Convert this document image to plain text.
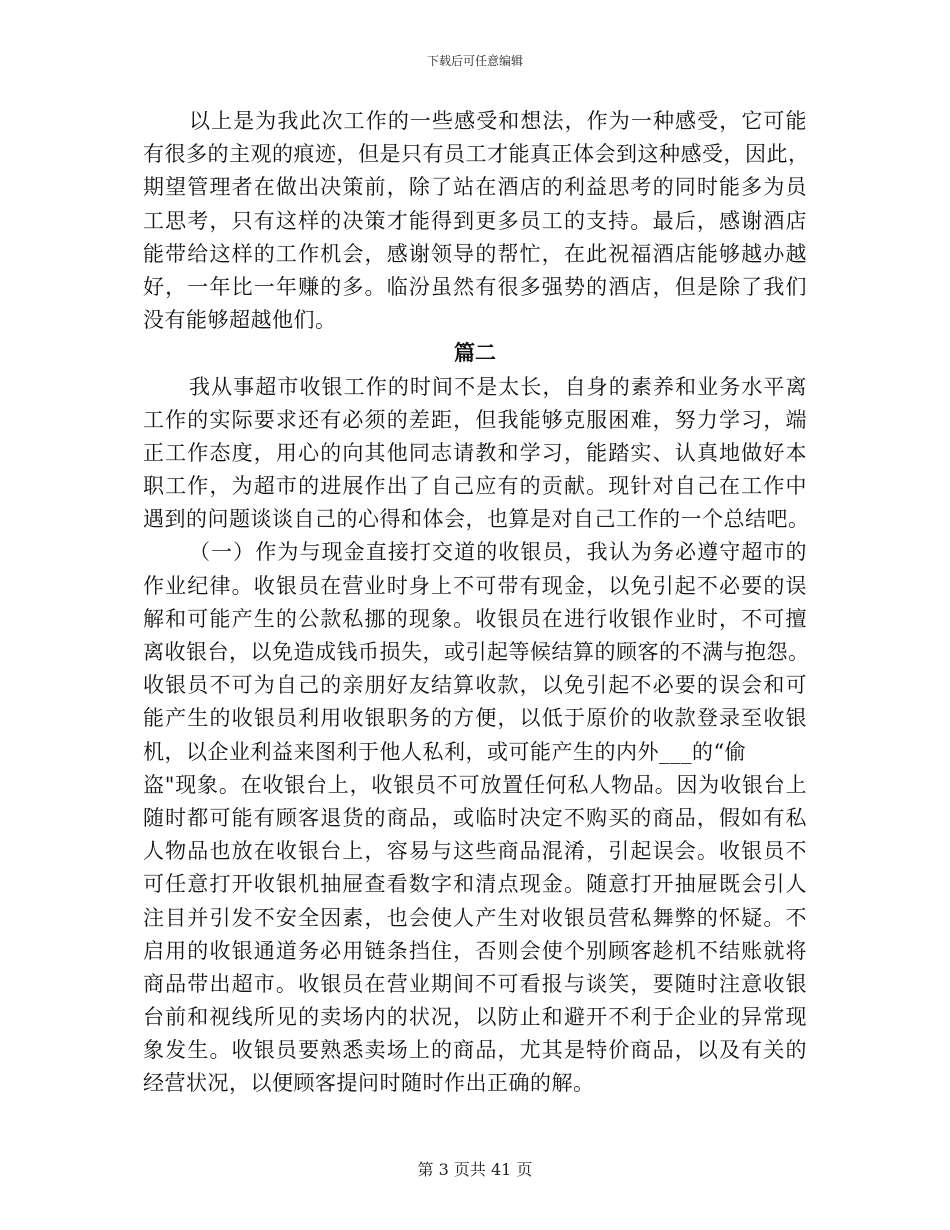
下载后可任意编辑
以上是为我此次工作的一些感受和想法，作为一种感受，它可能
有很多的主观的痕迹，但是只有员工才能真正体会到这种感受，因此，
期望管理者在做出决策前，除了站在酒店的利益思考的同时能多为员
工思考，只有这样的决策才能得到更多员工的支持。最后，感谢酒店
能带给这样的工作机会，感谢领导的帮忙，在此祝福酒店能够越办越
好，一年比一年赚的多。临汾虽然有很多强势的酒店，但是除了我们
没有能够超越他们。
篇二
我从事超市收银工作的时间不是太长，自身的素养和业务水平离
工作的实际要求还有必须的差距，但我能够克服困难，努力学习，端
正工作态度，用心的向其他同志请教和学习，能踏实、认真地做好本
职工作，为超市的进展作出了自己应有的贡献。现针对自己在工作中
遇到的问题谈谈自己的心得和体会，也算是对自己工作的一个总结吧。
（一）作为与现金直接打交道的收银员，我认为务必遵守超市的
作业纪律。收银员在营业时身上不可带有现金，以免引起不必要的误
解和可能产生的公款私挪的现象。收银员在进行收银作业时，不可擅
离收银台，以免造成钱币损失，或引起等候结算的顾客的不满与抱怨。
收银员不可为自己的亲朋好友结算收款，以免引起不必要的误会和可
能产生的收银员利用收银职务的方便，以低于原价的收款登录至收银
机，以企业利益来图利于他人私利，或可能产生的内外___的“偷
盗"现象。在收银台上，收银员不可放置任何私人物品。因为收银台上
随时都可能有顾客退货的商品，或临时决定不购买的商品，假如有私
人物品也放在收银台上，容易与这些商品混淆，引起误会。收银员不
可任意打开收银机抽屉查看数字和清点现金。随意打开抽屉既会引人
注目并引发不安全因素，也会使人产生对收银员营私舞弊的怀疑。不
启用的收银通道务必用链条挡住，否则会使个别顾客趁机不结账就将
商品带出超市。收银员在营业期间不可看报与谈笑，要随时注意收银
台前和视线所见的卖场内的状况，以防止和避开不利于企业的异常现
象发生。收银员要熟悉卖场上的商品，尤其是特价商品，以及有关的
经营状况，以便顾客提问时随时作出正确的解。
第 3 页共 41 页
